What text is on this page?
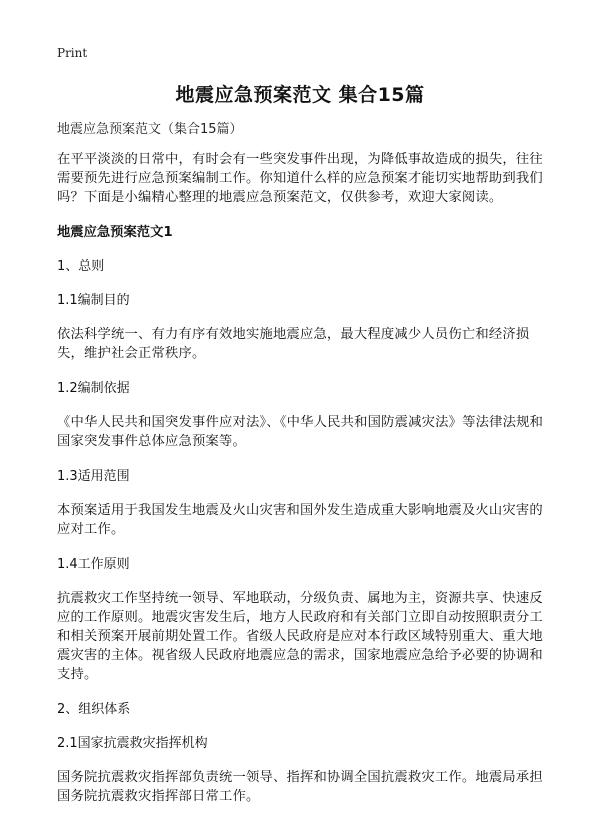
Print
地震应急预案范文 集合15篇

地震应急预案范文（集合15篇）

在平平淡淡的日常中，有时会有一些突发事件出现，为降低事故造成的损失，往往需要预先进行应急预案编制工作。你知道什么样的应急预案才能切实地帮助到我们吗？下面是小编精心整理的地震应急预案范文，仅供参考，欢迎大家阅读。

地震应急预案范文1

1、总则

1.1编制目的

依法科学统一、有力有序有效地实施地震应急，最大程度减少人员伤亡和经济损失，维护社会正常秩序。

1.2编制依据

《中华人民共和国突发事件应对法》、《中华人民共和国防震减灾法》等法律法规和国家突发事件总体应急预案等。

1.3适用范围

本预案适用于我国发生地震及火山灾害和国外发生造成重大影响地震及火山灾害的应对工作。

1.4工作原则

抗震救灾工作坚持统一领导、军地联动，分级负责、属地为主，资源共享、快速反应的工作原则。地震灾害发生后，地方人民政府和有关部门立即自动按照职责分工和相关预案开展前期处置工作。省级人民政府是应对本行政区域特别重大、重大地震灾害的主体。视省级人民政府地震应急的需求，国家地震应急给予必要的协调和支持。

2、组织体系

2.1国家抗震救灾指挥机构

国务院抗震救灾指挥部负责统一领导、指挥和协调全国抗震救灾工作。地震局承担国务院抗震救灾指挥部日常工作。
